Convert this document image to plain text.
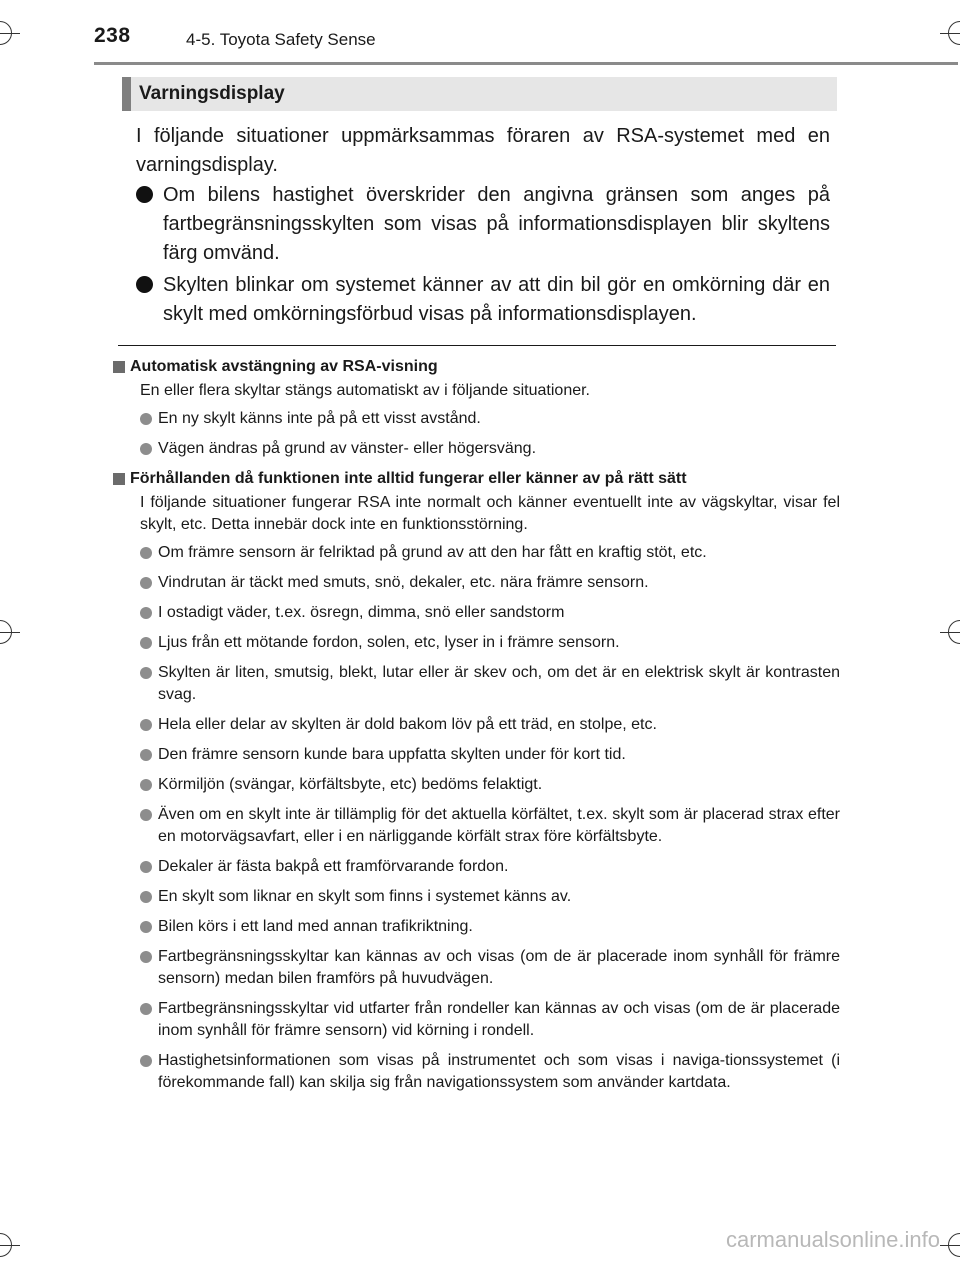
238	4-5. Toyota Safety Sense
Varningsdisplay
I följande situationer uppmärksammas föraren av RSA-systemet med en varningsdisplay.
Om bilens hastighet överskrider den angivna gränsen som anges på fartbegränsningsskylten som visas på informationsdisplayen blir skyltens färg omvänd.
Skylten blinkar om systemet känner av att din bil gör en omkörning där en skylt med omkörningsförbud visas på informationsdisplayen.
Automatisk avstängning av RSA-visning
En eller flera skyltar stängs automatiskt av i följande situationer.
En ny skylt känns inte på på ett visst avstånd.
Vägen ändras på grund av vänster- eller högersväng.
Förhållanden då funktionen inte alltid fungerar eller känner av på rätt sätt
I följande situationer fungerar RSA inte normalt och känner eventuellt inte av vägskyltar, visar fel skylt, etc. Detta innebär dock inte en funktionsstörning.
Om främre sensorn är felriktad på grund av att den har fått en kraftig stöt, etc.
Vindrutan är täckt med smuts, snö, dekaler, etc. nära främre sensorn.
I ostadigt väder, t.ex. ösregn, dimma, snö eller sandstorm
Ljus från ett mötande fordon, solen, etc, lyser in i främre sensorn.
Skylten är liten, smutsig, blekt, lutar eller är skev och, om det är en elektrisk skylt är kontrasten svag.
Hela eller delar av skylten är dold bakom löv på ett träd, en stolpe, etc.
Den främre sensorn kunde bara uppfatta skylten under för kort tid.
Körmiljön (svängar, körfältsbyte, etc) bedöms felaktigt.
Även om en skylt inte är tillämplig för det aktuella körfältet, t.ex. skylt som är placerad strax efter en motorvägsavfart, eller i en närliggande körfält strax före körfältsbyte.
Dekaler är fästa bakpå ett framförvarande fordon.
En skylt som liknar en skylt som finns i systemet känns av.
Bilen körs i ett land med annan trafikriktning.
Fartbegränsningsskyltar kan kännas av och visas (om de är placerade inom synhåll för främre sensorn) medan bilen framförs på huvudvägen.
Fartbegränsningsskyltar vid utfarter från rondeller kan kännas av och visas (om de är placerade inom synhåll för främre sensorn) vid körning i rondell.
Hastighetsinformationen som visas på instrumentet och som visas i naviga-tionssystemet (i förekommande fall) kan skilja sig från navigationssystem som använder kartdata.
carmanualsonline.info
